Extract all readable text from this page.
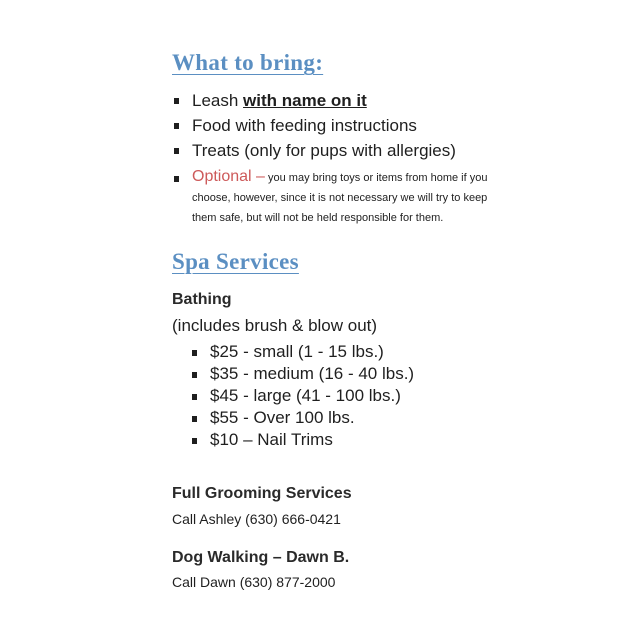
What to bring:
Leash with name on it
Food with feeding instructions
Treats (only for pups with allergies)
Optional – you may bring toys or items from home if you choose, however, since it is not necessary we will try to keep them safe, but will not be held responsible for them.
Spa Services
Bathing

(includes brush & blow out)

$25 - small (1 - 15 lbs.)
$35 - medium (16 - 40 lbs.)
$45 - large (41 - 100 lbs.)
$55 - Over 100 lbs.
$10 – Nail Trims
Full Grooming Services

Call Ashley (630) 666-0421

Dog Walking – Dawn B.

Call Dawn (630) 877-2000
